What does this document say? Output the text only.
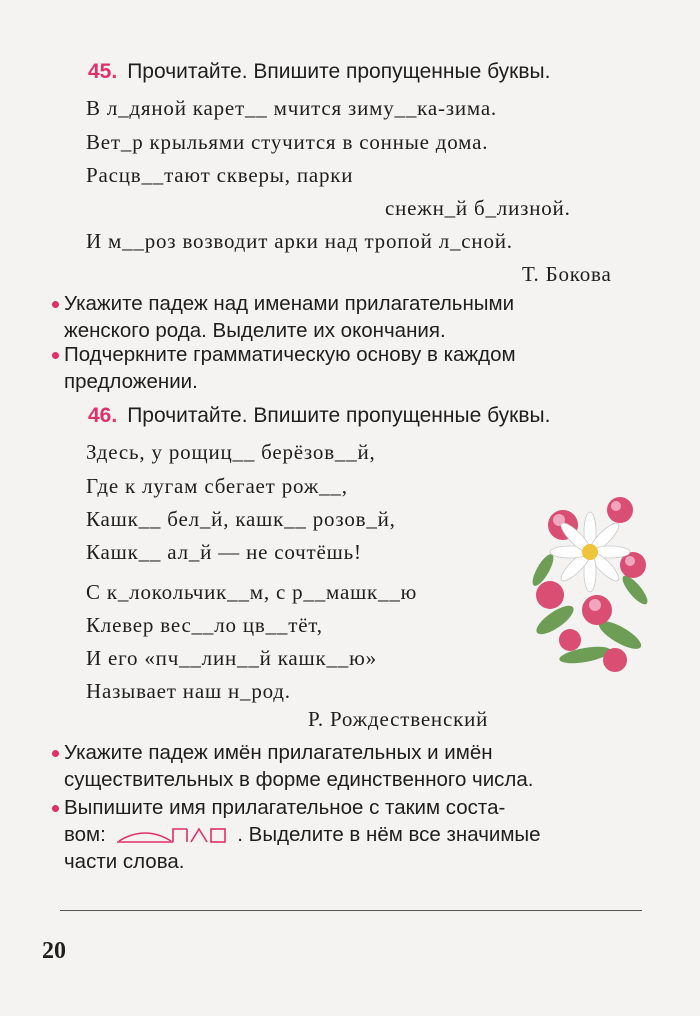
45. Прочитайте. Впишите пропущенные буквы.
В л_дяной карет__ мчится зиму__ка-зима.
Вет_р крыльями стучится в сонные дома.
Расцв__тают скверы, парки
снежн_й б_лизной.
И м__роз возводит арки над тропой л_сной.
Т. Бокова
Укажите падеж над именами прилагательными
женского рода. Выделите их окончания.
Подчеркните грамматическую основу в каждом
предложении.
46. Прочитайте. Впишите пропущенные буквы.
Здесь, у рощиц__ берёзов__й,
Где к лугам сбегает рож__,
Кашк__ бел_й, кашк__ розов_й,
Кашк__ ал_й — не сочтёшь!
С к_локольчик__м, с р__машк__ю
Клевер вес__ло цв__тёт,
И его «пч__лин__й кашк__ю»
Называет наш н_род.
Р. Рождественский
Укажите падеж имён прилагательных и имён
существительных в форме единственного числа.
Выпишите имя прилагательное с таким соста-
вом:	. Выделите в нём все значимые
части слова.
20
